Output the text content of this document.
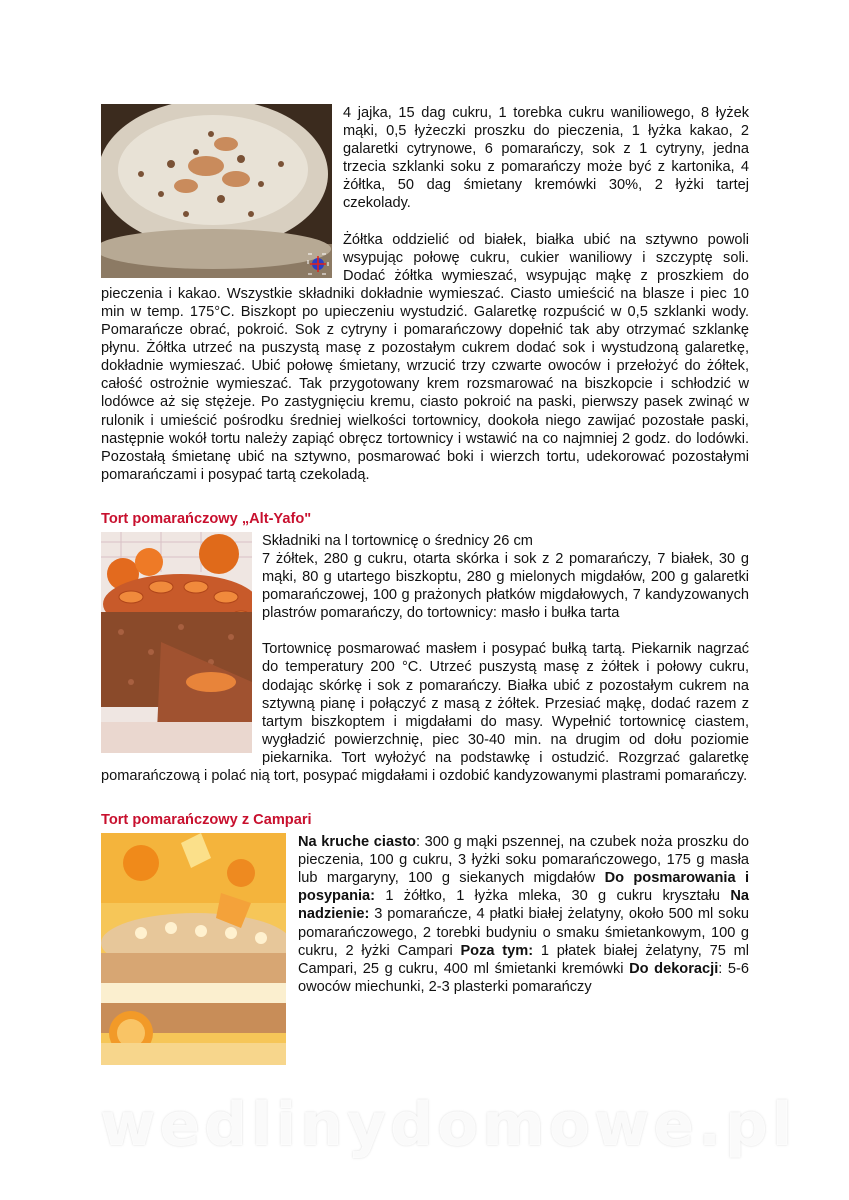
4 jajka, 15 dag cukru, 1 torebka cukru waniliowego, 8 łyżek mąki, 0,5 łyżeczki proszku do pieczenia, 1 łyżka kakao, 2 galaretki cytrynowe, 6 pomarańczy, sok z 1 cytryny, jedna trzecia szklanki soku z pomarańczy może być z kartonika, 4 żółtka, 50 dag śmietany kremówki 30%, 2 łyżki tartej czekolady.

Żółtka oddzielić od białek, białka ubić na sztywno powoli wsypując połowę cukru, cukier waniliowy i szczyptę soli. Dodać żółtka wymieszać, wsypując mąkę z proszkiem do pieczenia i kakao. Wszystkie składniki dokładnie wymieszać. Ciasto umieścić na blasze i piec 10 min w temp. 175°C. Biszkopt po upieczeniu wystudzić. Galaretkę rozpuścić w 0,5 szklanki wody. Pomarańcze obrać, pokroić. Sok z cytryny i pomarańczowy dopełnić tak aby otrzymać szklankę płynu. Żółtka utrzeć na puszystą masę z pozostałym cukrem dodać sok i wystudzoną galaretkę, dokładnie wymieszać. Ubić połowę śmietany, wrzucić trzy czwarte owoców i przełożyć do żółtek, całość ostrożnie wymieszać. Tak przygotowany krem rozsmarować na biszkopcie i schłodzić w lodówce aż się stężeje. Po zastygnięciu kremu, ciasto pokroić na paski, pierwszy pasek zwinąć w rulonik i umieścić pośrodku średniej wielkości tortownicy, dookoła niego zawijać pozostałe paski, następnie wokół tortu należy zapiąć obręcz tortownicy i wstawić na co najmniej 2 godz. do lodówki. Pozostałą śmietanę ubić na sztywno, posmarować boki i wierzch tortu, udekorować pozostałymi pomarańczami i posypać tartą czekoladą.

Tort pomarańczowy „Alt-Yafo"

Składniki na l tortownicę o średnicy 26 cm

7 żółtek, 280 g cukru, otarta skórka i sok z 2 pomarańczy, 7 białek, 30 g mąki, 80 g utartego biszkoptu, 280 g mielonych migdałów, 200 g galaretki pomarańczowej, 100 g prażonych płatków migdałowych, 7 kandyzowanych plastrów pomarańczy, do tortownicy: masło i bułka tarta

Tortownicę posmarować masłem i posypać bułką tartą. Piekarnik nagrzać do temperatury 200 °C. Utrzeć puszystą masę z żółtek i połowy cukru, dodając skórkę i sok z pomarańczy. Białka ubić z pozostałym cukrem na sztywną pianę i połączyć z masą z żółtek. Przesiać mąkę, dodać razem z tartym biszkoptem i migdałami do masy. Wypełnić tortownicę ciastem, wygładzić powierzchnię, piec 30-40 min. na drugim od dołu poziomie piekarnika. Tort wyłożyć na podstawkę i ostudzić. Rozgrzać galaretkę pomarańczową i polać nią tort, posypać migdałami i ozdobić kandyzowanymi plastrami pomarańczy.

Tort pomarańczowy z Campari

Na kruche ciasto: 300 g mąki pszennej, na czubek noża proszku do pieczenia, 100 g cukru, 3 łyżki soku pomarańczowego, 175 g masła lub margaryny, 100 g siekanych migdałów Do posmarowania i posypania: 1 żółtko, 1 łyżka mleka, 30 g cukru kryształu Na nadzienie: 3 pomarańcze, 4 płatki białej żelatyny, około 500 ml soku pomarańczowego, 2 torebki budyniu o smaku śmietankowym, 100 g cukru, 2 łyżki Campari Poza tym: 1 płatek białej żelatyny, 75 ml Campari, 25 g cukru, 400 ml śmietanki kremówki Do dekoracji: 5-6 owoców miechunki, 2-3 plasterki pomarańczy

wedlinydomowe.pl
